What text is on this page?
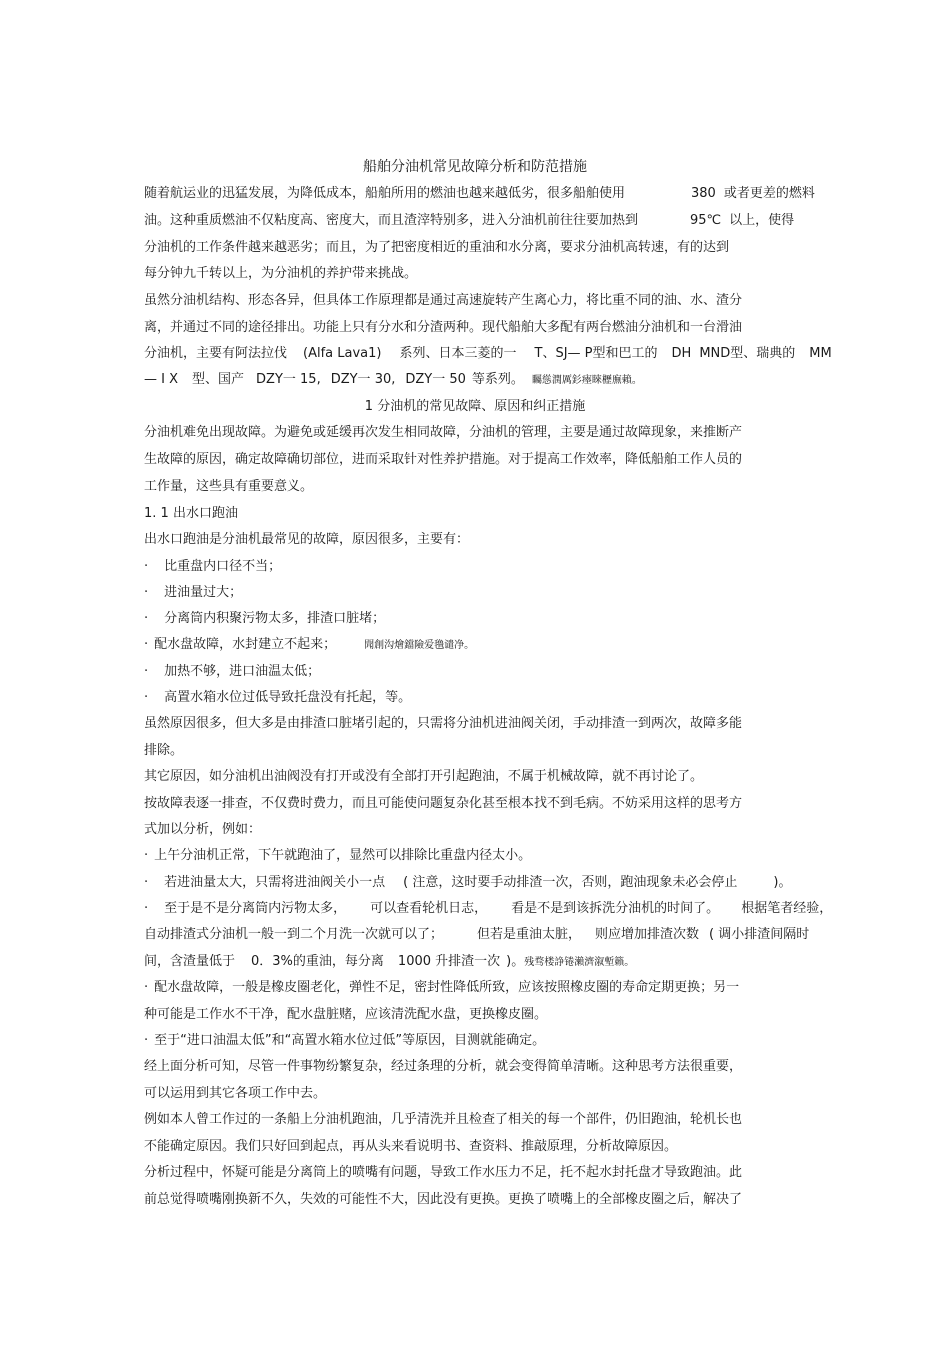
船舶分油机常见故障分析和防范措施
随着航运业的迅猛发展，为降低成本，船舶所用的燃油也越来越低劣，很多船舶使用	380 或者更差的燃料
油。这种重质燃油不仅粘度高、密度大，而且渣滓特别多，进入分油机前往往要加热到	95℃ 以上，使得
分油机的工作条件越来越恶劣；而且，为了把密度相近的重油和水分离，要求分油机高转速，有的达到
每分钟九千转以上，为分油机的养护带来挑战。
虽然分油机结构、形态各异，但具体工作原理都是通过高速旋转产生离心力，将比重不同的油、水、渣分
离，并通过不同的途径排出。功能上只有分水和分渣两种。现代船舶大多配有两台燃油分油机和一台滑油
分油机，主要有阿法拉伐 (Alfa Lava1) 系列、日本三菱的一 T、SJ— P型和巴工的 DH MND型、瑞典的 MM
— I X 型、国产 DZY一 15, DZY一 30, DZY一 50 等系列。 矚慫潤厲釤瘞睞櫪廡賴。
1 分油机的常见故障、原因和纠正措施
分油机难免出现故障。为避免或延缓再次发生相同故障，分油机的管理，主要是通过故障现象，来推断产
生故障的原因，确定故障确切部位，进而采取针对性养护措施。对于提高工作效率，降低船舶工作人员的
工作量，这些具有重要意义。
1. 1 出水口跑油
出水口跑油是分油机最常见的故障，原因很多，主要有：
· 比重盘内口径不当；
· 进油量过大；
· 分离筒内积聚污物太多，排渣口脏堵；
· 配水盘故障，水封建立不起来；	聞創沟燴鐺險爱氇谴净。
· 加热不够，进口油温太低；
· 高置水箱水位过低导致托盘没有托起，等。
虽然原因很多，但大多是由排渣口脏堵引起的，只需将分油机进油阀关闭，手动排渣一到两次，故障多能
排除。
其它原因，如分油机出油阀没有打开或没有全部打开引起跑油，不属于机械故障，就不再讨论了。
按故障表逐一排查，不仅费时费力，而且可能使问题复杂化甚至根本找不到毛病。不妨采用这样的思考方
式加以分析，例如：
· 上午分油机正常，下午就跑油了，显然可以排除比重盘内径太小。
· 若进油量太大，只需将进油阀关小一点 ( 注意，这时要手动排渣一次，否则，跑油现象未必会停止	)。
· 至于是不是分离筒内污物太多， 可以查看轮机日志， 看是不是到该拆洗分油机的时间了。 根据笔者经验，
自动排渣式分油机一般一到二个月洗一次就可以了；	但若是重油太脏， 则应增加排渣次数 ( 调小排渣间隔时
间，含渣量低于 0．3%的重油，每分离 1000 升排渣一次 )。残骛楼諍锩瀨濟溆塹籟。
· 配水盘故障，一般是橡皮圈老化，弹性不足，密封性降低所致，应该按照橡皮圈的寿命定期更换；另一
种可能是工作水不干净，配水盘脏赌，应该清洗配水盘，更换橡皮圈。
· 至于“进口油温太低”和“高置水箱水位过低”等原因，目测就能确定。
经上面分析可知，尽管一件事物纷繁复杂，经过条理的分析，就会变得简单清晰。这种思考方法很重要，
可以运用到其它各项工作中去。
例如本人曾工作过的一条船上分油机跑油，几乎清洗并且检查了相关的每一个部件，仍旧跑油，轮机长也
不能确定原因。我们只好回到起点，再从头来看说明书、查资料、推敲原理，分析故障原因。
分析过程中，怀疑可能是分离筒上的喷嘴有问题，导致工作水压力不足，托不起水封托盘才导致跑油。此
前总觉得喷嘴刚换新不久，失效的可能性不大，因此没有更换。更换了喷嘴上的全部橡皮圈之后，解决了
